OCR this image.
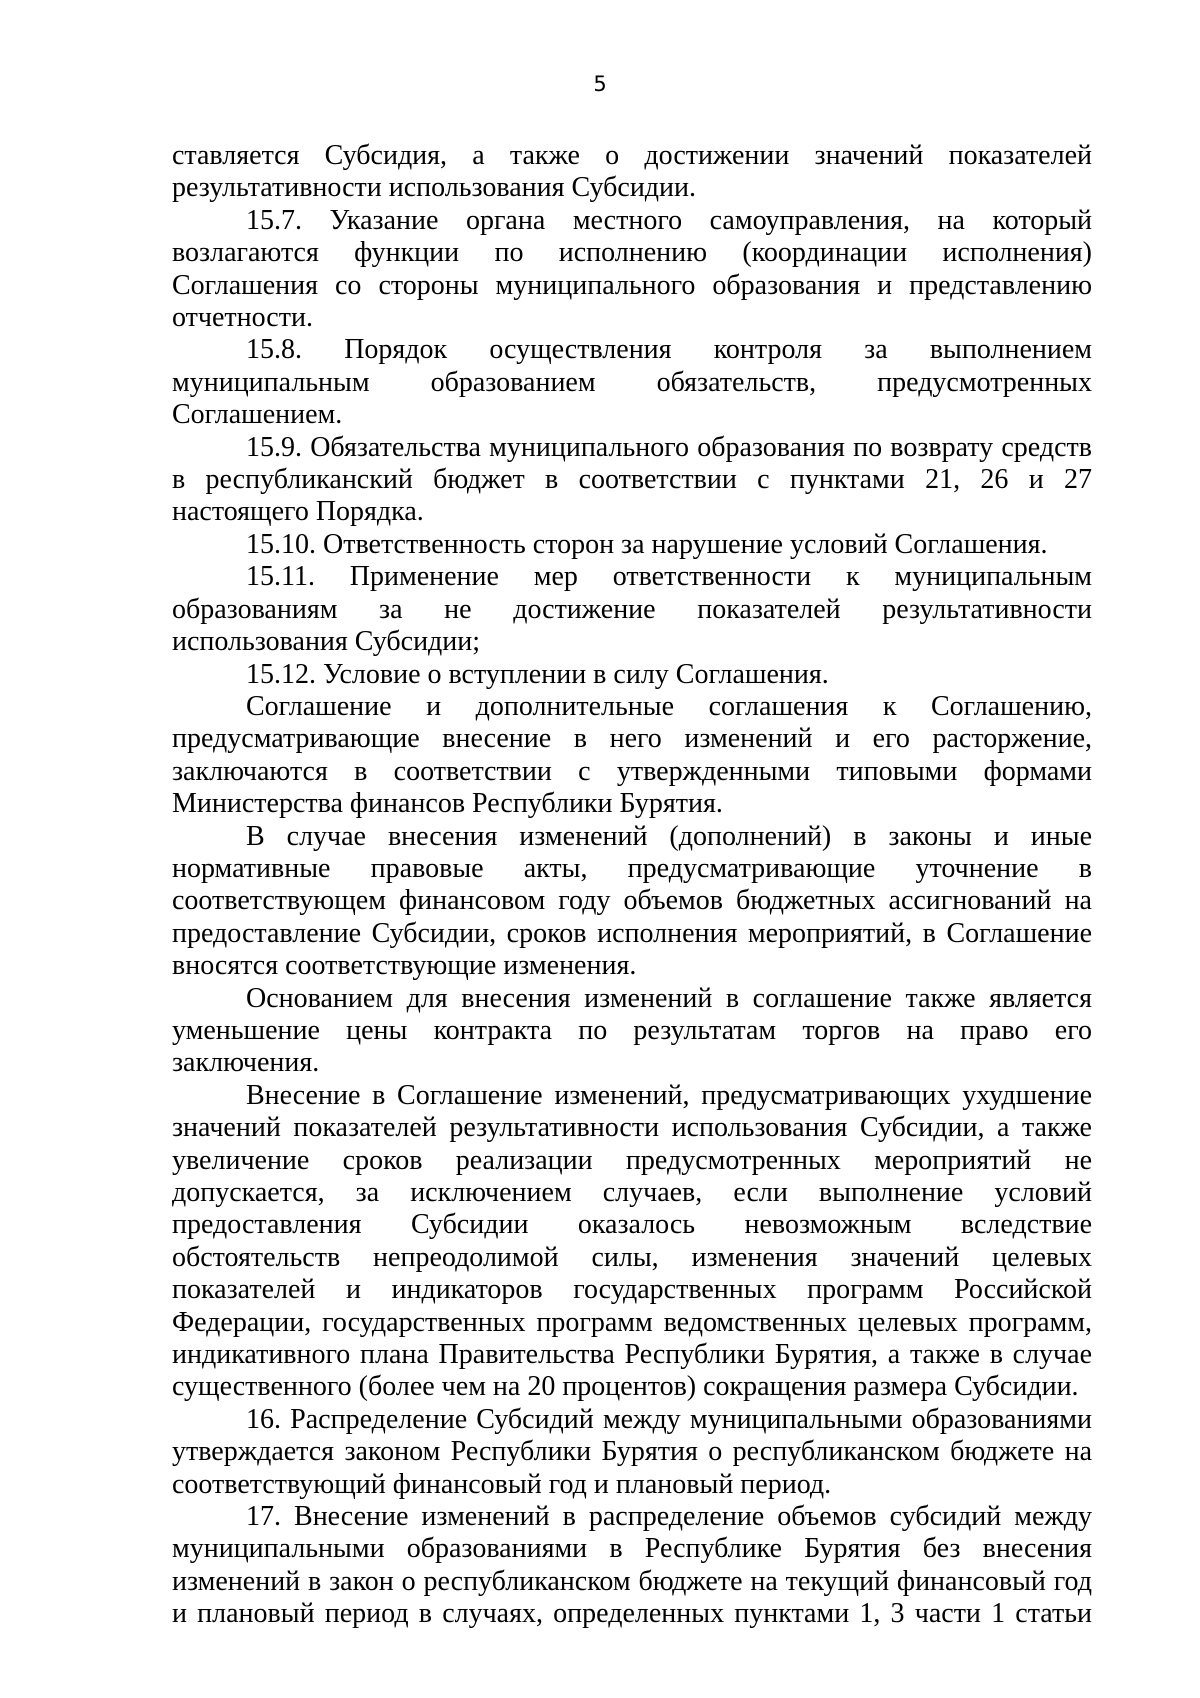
5

ставляется Субсидия, а также о достижении значений показателей результативности использования Субсидии.

15.7. Указание органа местного самоуправления, на который возлагаются функции по исполнению (координации исполнения) Соглашения со стороны муниципального образования и представлению отчетности.

15.8. Порядок осуществления контроля за выполнением муниципальным образованием обязательств, предусмотренных Соглашением.

15.9. Обязательства муниципального образования по возврату средств в республиканский бюджет в соответствии с пунктами 21, 26 и 27 настоящего Порядка.

15.10. Ответственность сторон за нарушение условий Соглашения.

15.11. Применение мер ответственности к муниципальным образованиям за не достижение показателей результативности использования Субсидии;

15.12. Условие о вступлении в силу Соглашения.

Соглашение и дополнительные соглашения к Соглашению, предусматривающие внесение в него изменений и его расторжение, заключаются в соответствии с утвержденными типовыми формами Министерства финансов Республики Бурятия.

В случае внесения изменений (дополнений) в законы и иные нормативные правовые акты, предусматривающие уточнение в соответствующем финансовом году объемов бюджетных ассигнований на предоставление Субсидии, сроков исполнения мероприятий, в Соглашение вносятся соответствующие изменения.

Основанием для внесения изменений в соглашение также является уменьшение цены контракта по результатам торгов на право его заключения.

Внесение в Соглашение изменений, предусматривающих ухудшение значений показателей результативности использования Субсидии, а также увеличение сроков реализации предусмотренных мероприятий не допускается, за исключением случаев, если выполнение условий предоставления Субсидии оказалось невозможным вследствие обстоятельств непреодолимой силы, изменения значений целевых показателей и индикаторов государственных программ Российской Федерации, государственных программ ведомственных целевых программ, индикативного плана Правительства Республики Бурятия, а также в случае существенного (более чем на 20 процентов) сокращения размера Субсидии.

16. Распределение Субсидий между муниципальными образованиями утверждается законом Республики Бурятия о республиканском бюджете на соответствующий финансовый год и плановый период.

17. Внесение изменений в распределение объемов субсидий между муниципальными образованиями в Республике Бурятия без внесения изменений в закон о республиканском бюджете на текущий финансовый год и плановый период в случаях, определенных пунктами 1, 3 части 1 статьи
